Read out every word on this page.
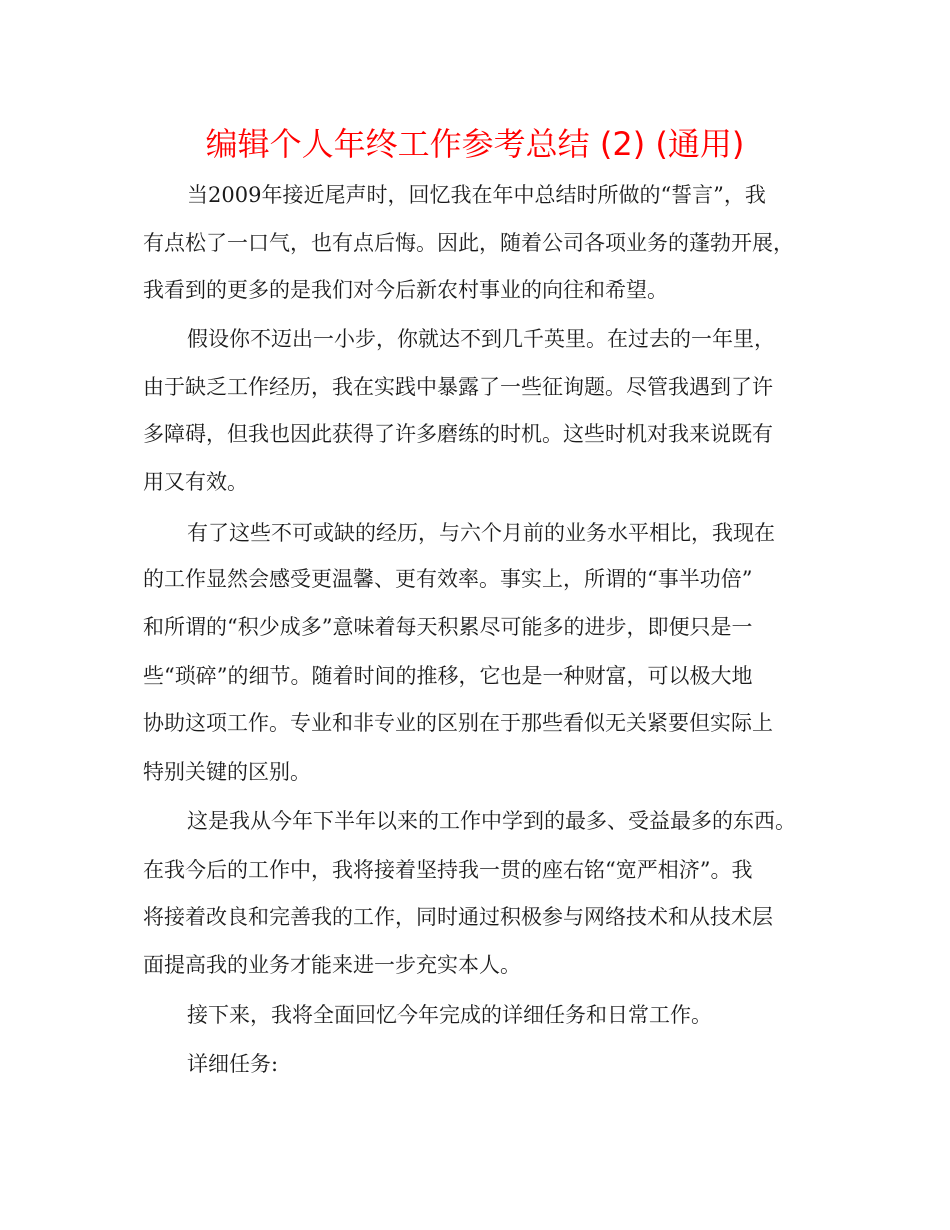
编辑个人年终工作参考总结 (2) (通用)
当2009年接近尾声时，回忆我在年中总结时所做的“誓言”，我
有点松了一口气，也有点后悔。因此，随着公司各项业务的蓬勃开展，
我看到的更多的是我们对今后新农村事业的向往和希望。
假设你不迈出一小步，你就达不到几千英里。在过去的一年里，
由于缺乏工作经历，我在实践中暴露了一些征询题。尽管我遇到了许
多障碍，但我也因此获得了许多磨练的时机。这些时机对我来说既有
用又有效。
有了这些不可或缺的经历，与六个月前的业务水平相比，我现在
的工作显然会感受更温馨、更有效率。事实上，所谓的“事半功倍”
和所谓的“积少成多”意味着每天积累尽可能多的进步，即便只是一
些“琐碎”的细节。随着时间的推移，它也是一种财富，可以极大地
协助这项工作。专业和非专业的区别在于那些看似无关紧要但实际上
特别关键的区别。
这是我从今年下半年以来的工作中学到的最多、受益最多的东西。
在我今后的工作中，我将接着坚持我一贯的座右铭“宽严相济”。我
将接着改良和完善我的工作，同时通过积极参与网络技术和从技术层
面提高我的业务才能来进一步充实本人。
接下来，我将全面回忆今年完成的详细任务和日常工作。
详细任务:
